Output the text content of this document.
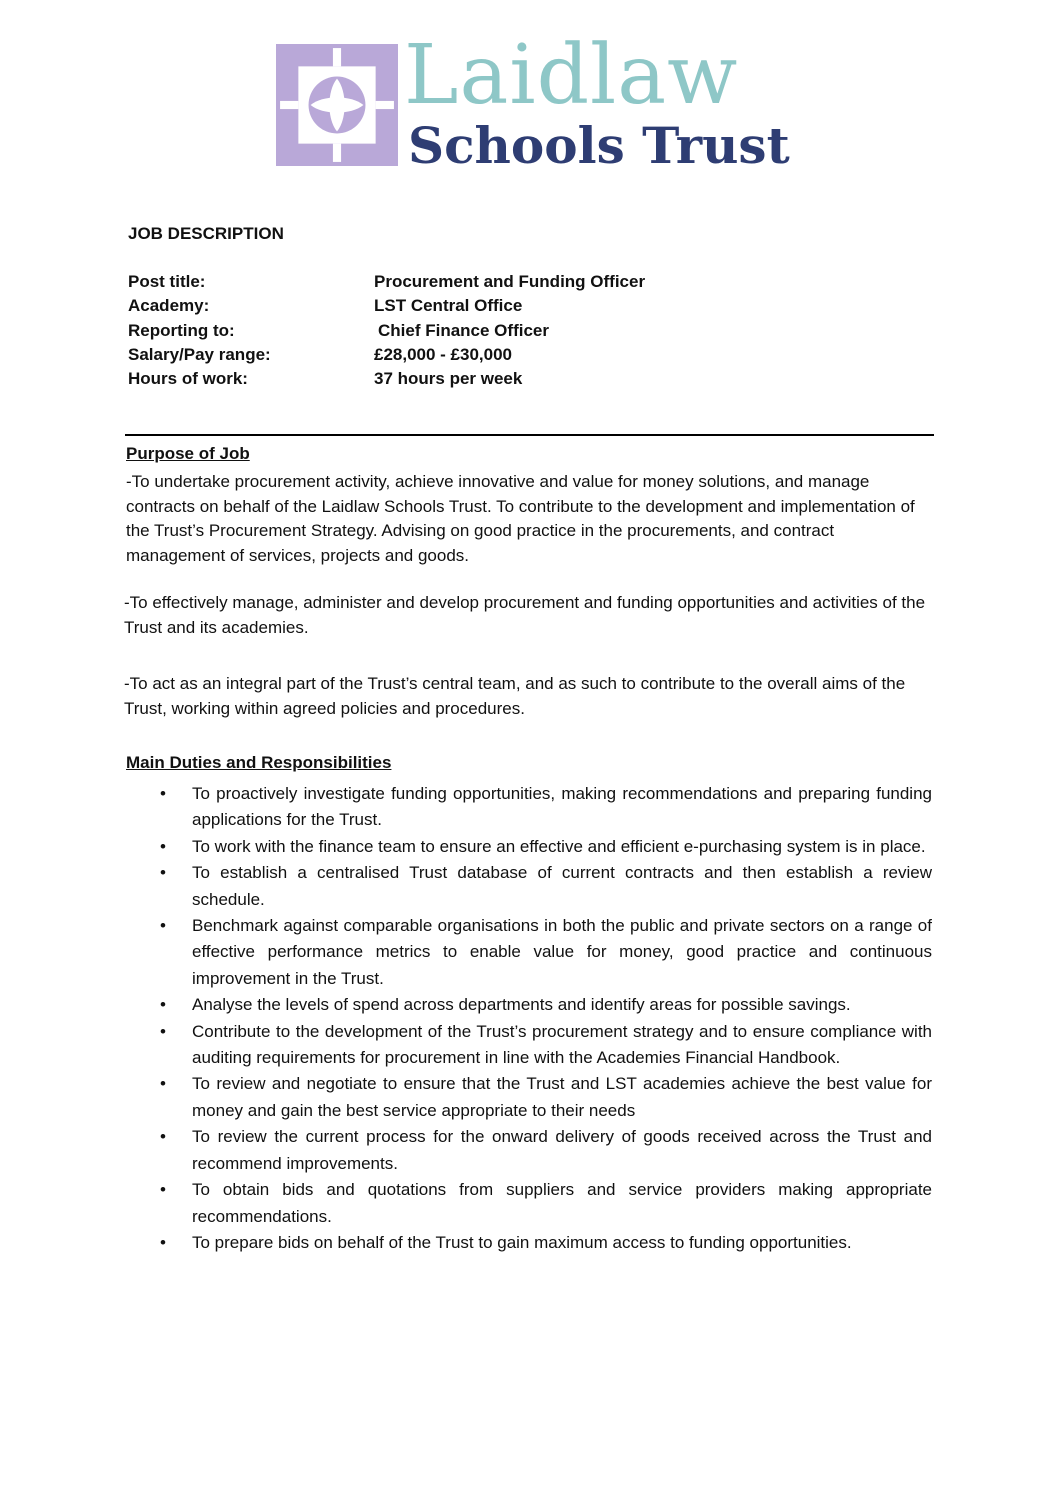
Laidlaw
Schools Trust
JOB DESCRIPTION
Post title:	Procurement and Funding Officer
Academy:	LST Central Office
Reporting to:	Chief Finance Officer
Salary/Pay range:	£28,000 - £30,000
Hours of work:	37 hours per week
Purpose of Job
-To undertake procurement activity, achieve innovative and value for money solutions, and manage contracts on behalf of the Laidlaw Schools Trust. To contribute to the development and implementation of the Trust’s Procurement Strategy. Advising on good practice in the procurements, and contract management of services, projects and goods.
-To effectively manage, administer and develop procurement and funding opportunities and activities of the Trust and its academies.
-To act as an integral part of the Trust’s central team, and as such to contribute to the overall aims of the Trust, working within agreed policies and procedures.
Main Duties and Responsibilities
• To proactively investigate funding opportunities, making recommendations and preparing funding applications for the Trust.
• To work with the finance team to ensure an effective and efficient e-purchasing system is in place.
• To establish a centralised Trust database of current contracts and then establish a review schedule.
• Benchmark against comparable organisations in both the public and private sectors on a range of effective performance metrics to enable value for money, good practice and continuous improvement in the Trust.
• Analyse the levels of spend across departments and identify areas for possible savings.
• Contribute to the development of the Trust’s procurement strategy and to ensure compliance with auditing requirements for procurement in line with the Academies Financial Handbook.
• To review and negotiate to ensure that the Trust and LST academies achieve the best value for money and gain the best service appropriate to their needs
• To review the current process for the onward delivery of goods received across the Trust and recommend improvements.
• To obtain bids and quotations from suppliers and service providers making appropriate recommendations.
• To prepare bids on behalf of the Trust to gain maximum access to funding opportunities.
